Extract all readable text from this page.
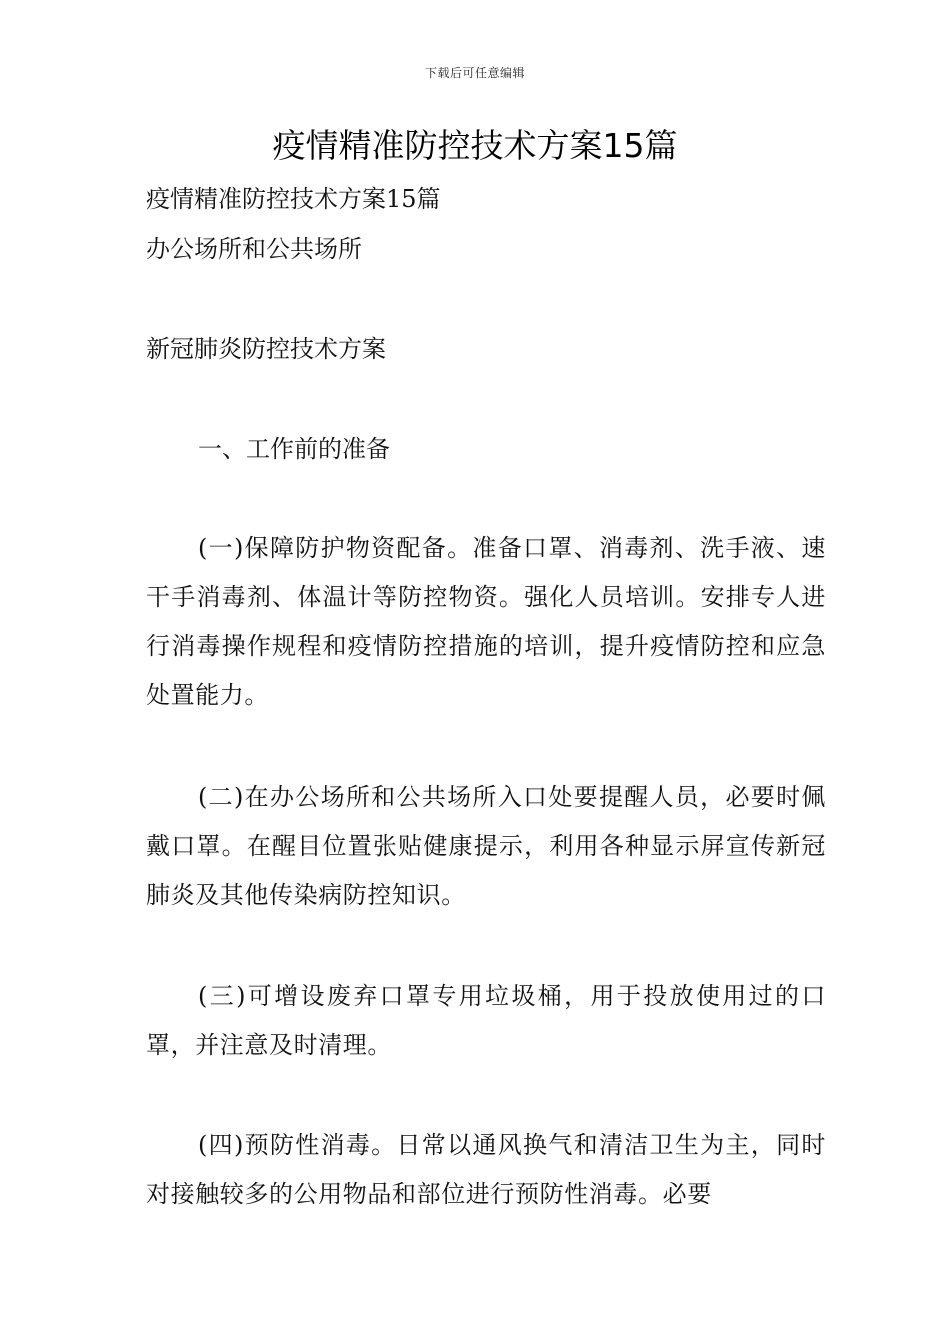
下载后可任意编辑
疫情精准防控技术方案15篇

疫情精准防控技术方案15篇

办公场所和公共场所

新冠肺炎防控技术方案

一、工作前的准备

(一)保障防护物资配备。准备口罩、消毒剂、洗手液、速干手消毒剂、体温计等防控物资。强化人员培训。安排专人进行消毒操作规程和疫情防控措施的培训，提升疫情防控和应急处置能力。

(二)在办公场所和公共场所入口处要提醒人员，必要时佩戴口罩。在醒目位置张贴健康提示，利用各种显示屏宣传新冠肺炎及其他传染病防控知识。

(三)可增设废弃口罩专用垃圾桶，用于投放使用过的口罩，并注意及时清理。

(四)预防性消毒。日常以通风换气和清洁卫生为主，同时对接触较多的公用物品和部位进行预防性消毒。必要
